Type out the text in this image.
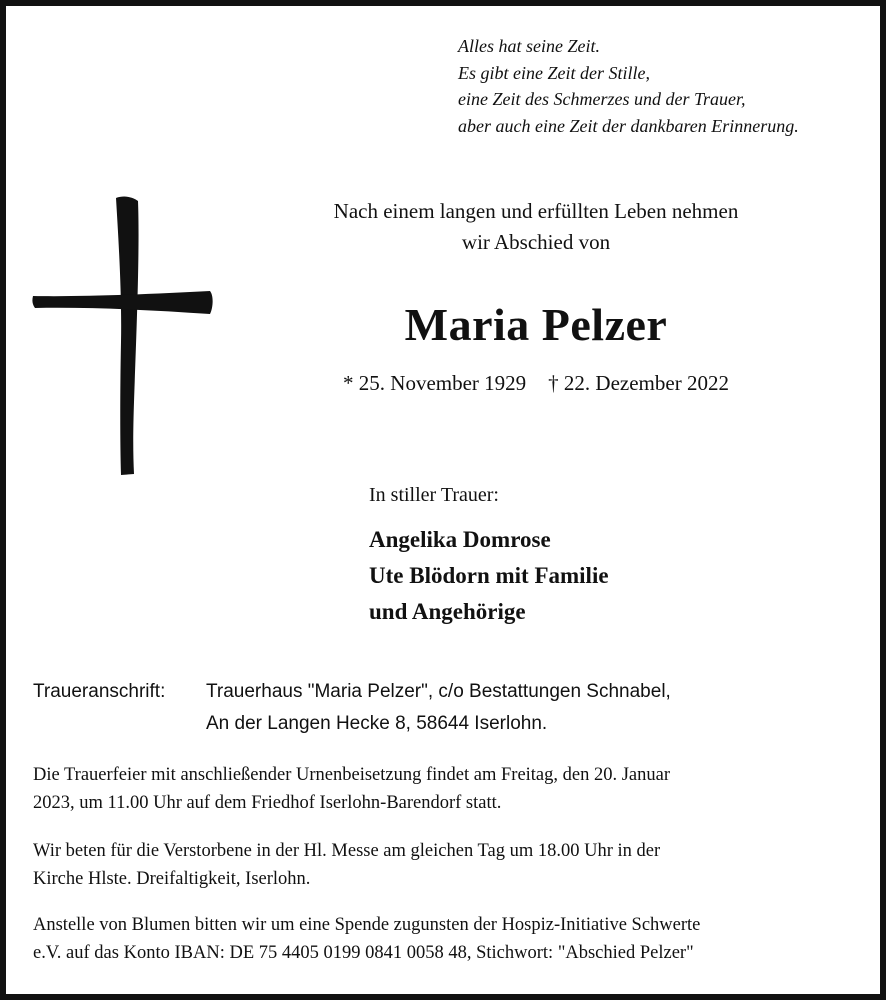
Alles hat seine Zeit.
Es gibt eine Zeit der Stille,
eine Zeit des Schmerzes und der Trauer,
aber auch eine Zeit der dankbaren Erinnerung.
Nach einem langen und erfüllten Leben nehmen
wir Abschied von
Maria Pelzer
* 25. November 1929 † 22. Dezember 2022
In stiller Trauer:
Angelika Domrose
Ute Blödorn mit Familie
und Angehörige
Traueranschrift: Trauerhaus "Maria Pelzer", c/o Bestattungen Schnabel,
An der Langen Hecke 8, 58644 Iserlohn.
Die Trauerfeier mit anschließender Urnenbeisetzung findet am Freitag, den 20. Januar
2023, um 11.00 Uhr auf dem Friedhof Iserlohn-Barendorf statt.
Wir beten für die Verstorbene in der Hl. Messe am gleichen Tag um 18.00 Uhr in der
Kirche Hlste. Dreifaltigkeit, Iserlohn.
Anstelle von Blumen bitten wir um eine Spende zugunsten der Hospiz-Initiative Schwerte
e.V. auf das Konto IBAN: DE 75 4405 0199 0841 0058 48, Stichwort: "Abschied Pelzer"
